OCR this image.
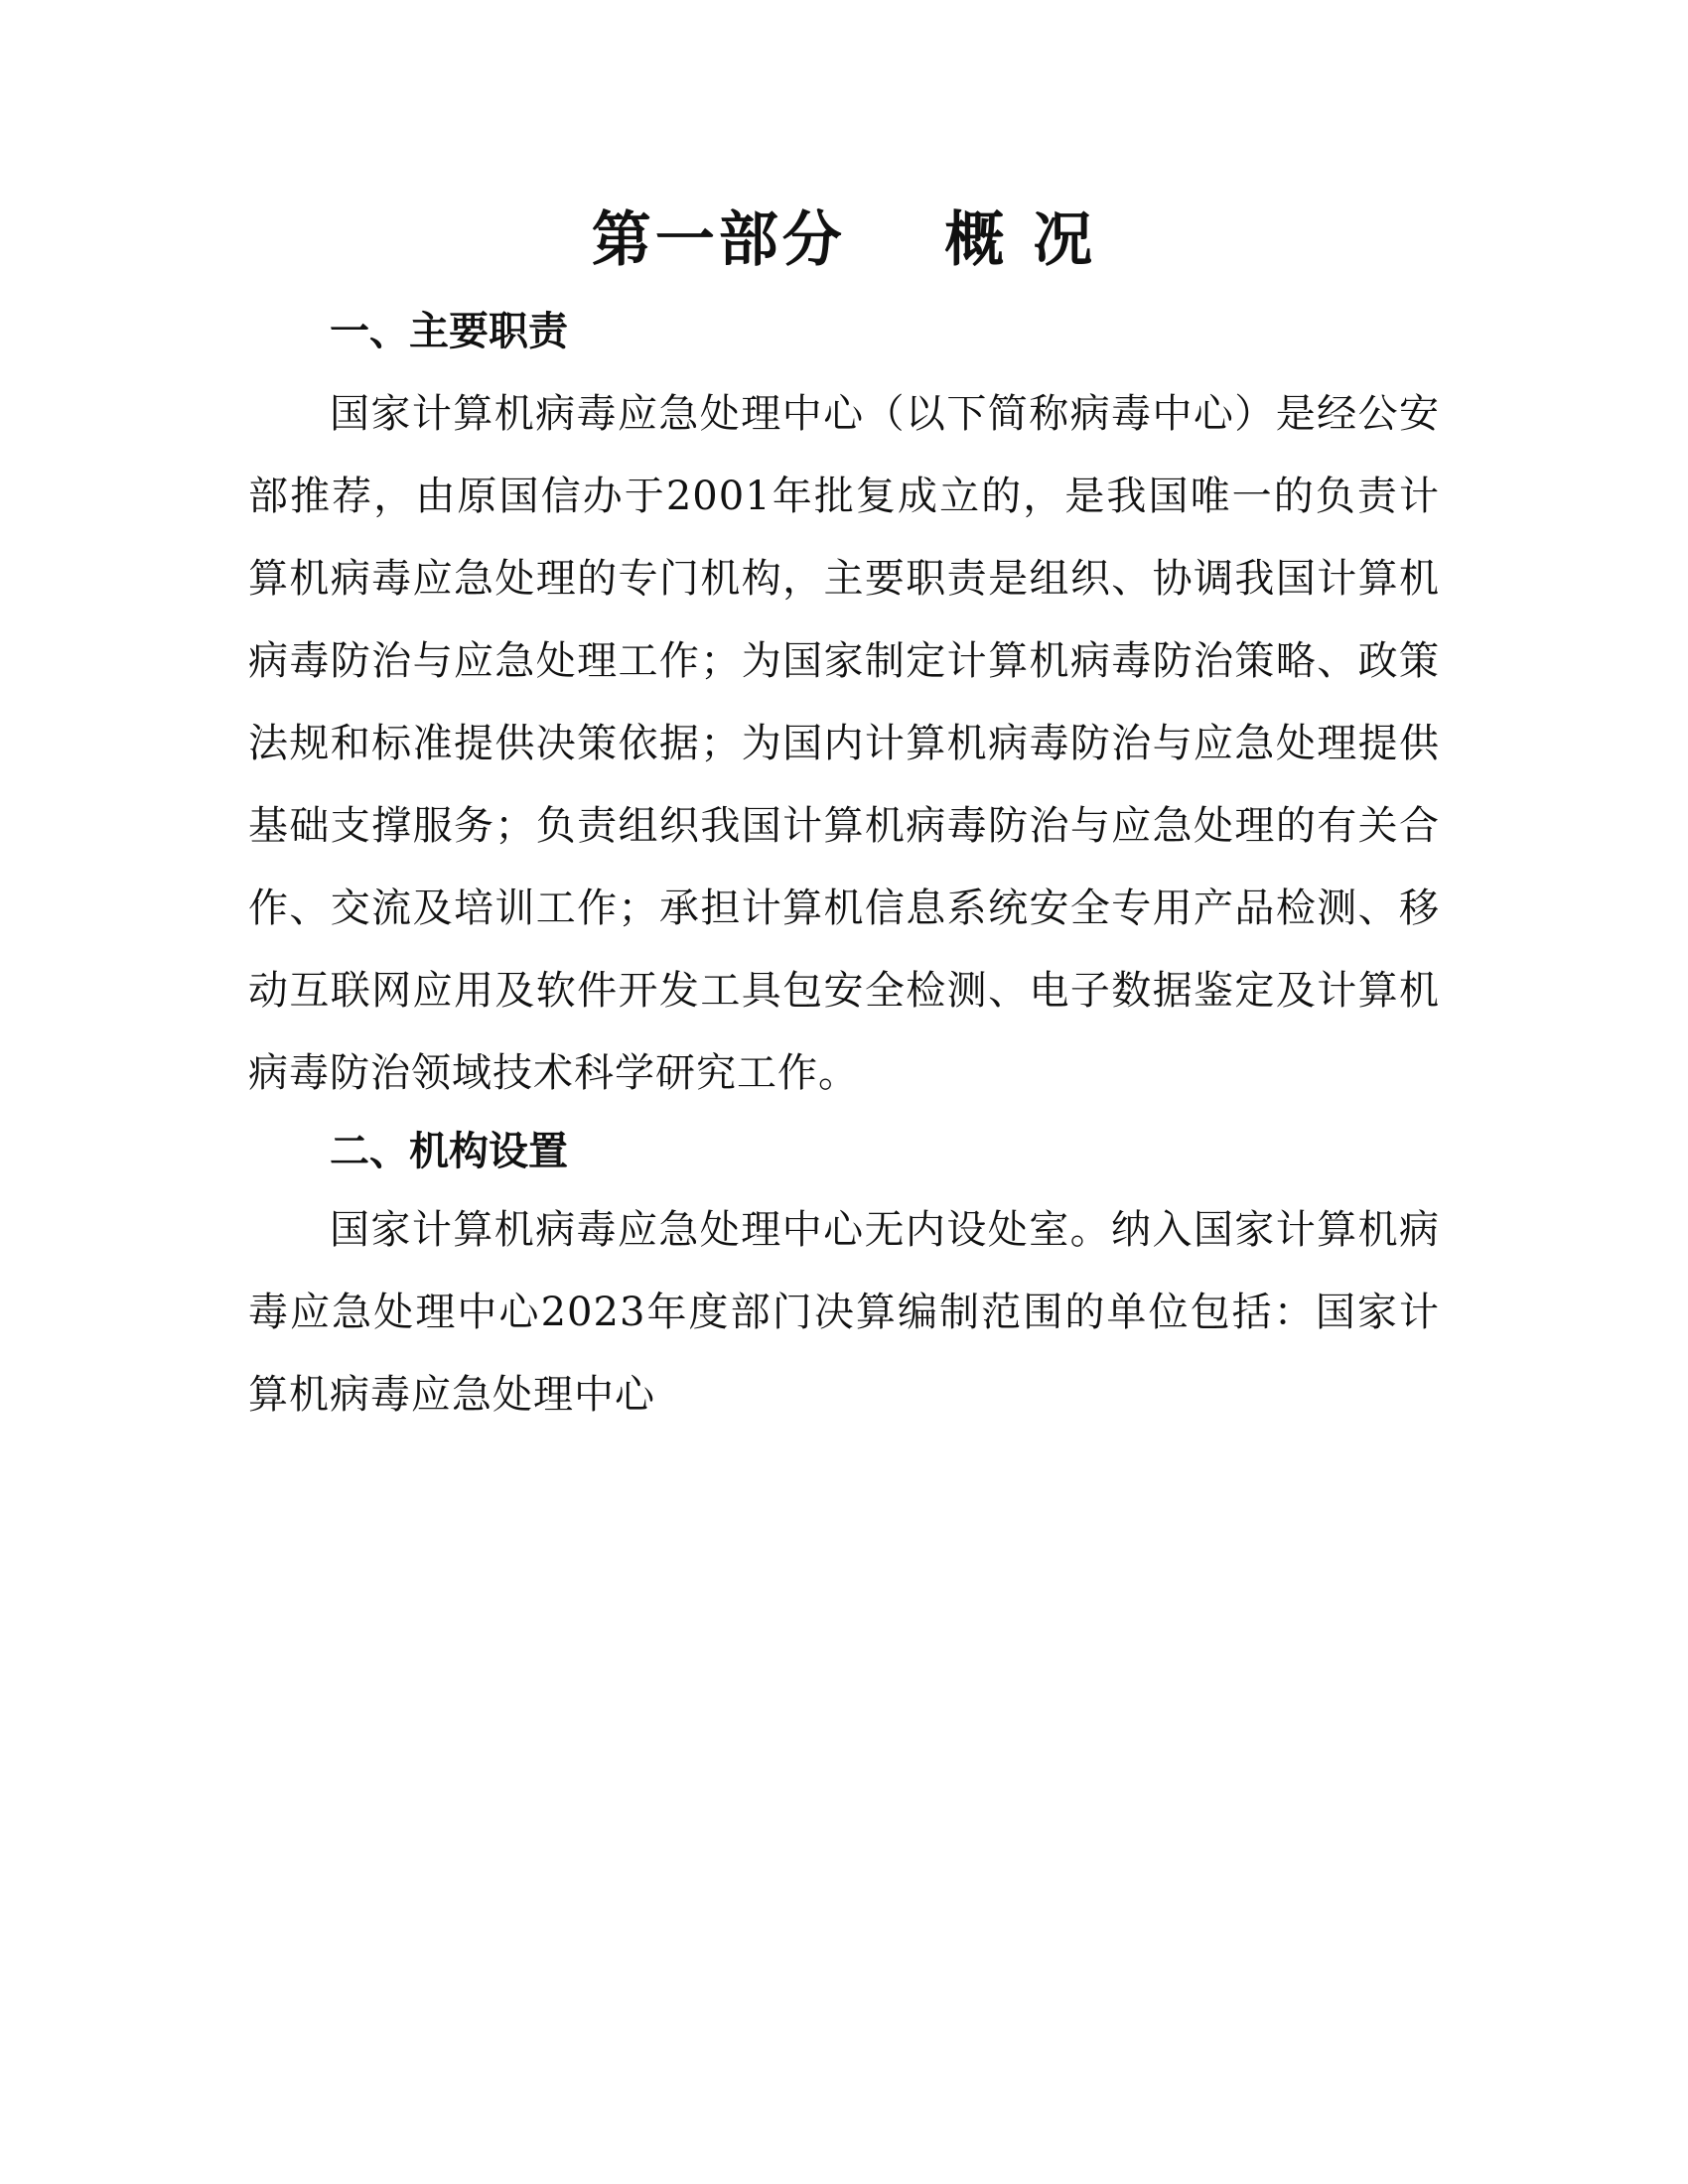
第一部分    概 况
一、主要职责

国家计算机病毒应急处理中心（以下简称病毒中心）是经公安部推荐，由原国信办于2001年批复成立的，是我国唯一的负责计算机病毒应急处理的专门机构，主要职责是组织、协调我国计算机病毒防治与应急处理工作；为国家制定计算机病毒防治策略、政策法规和标准提供决策依据；为国内计算机病毒防治与应急处理提供基础支撑服务；负责组织我国计算机病毒防治与应急处理的有关合作、交流及培训工作；承担计算机信息系统安全专用产品检测、移动互联网应用及软件开发工具包安全检测、电子数据鉴定及计算机病毒防治领域技术科学研究工作。

二、机构设置

国家计算机病毒应急处理中心无内设处室。纳入国家计算机病毒应急处理中心2023年度部门决算编制范围的单位包括：国家计算机病毒应急处理中心
